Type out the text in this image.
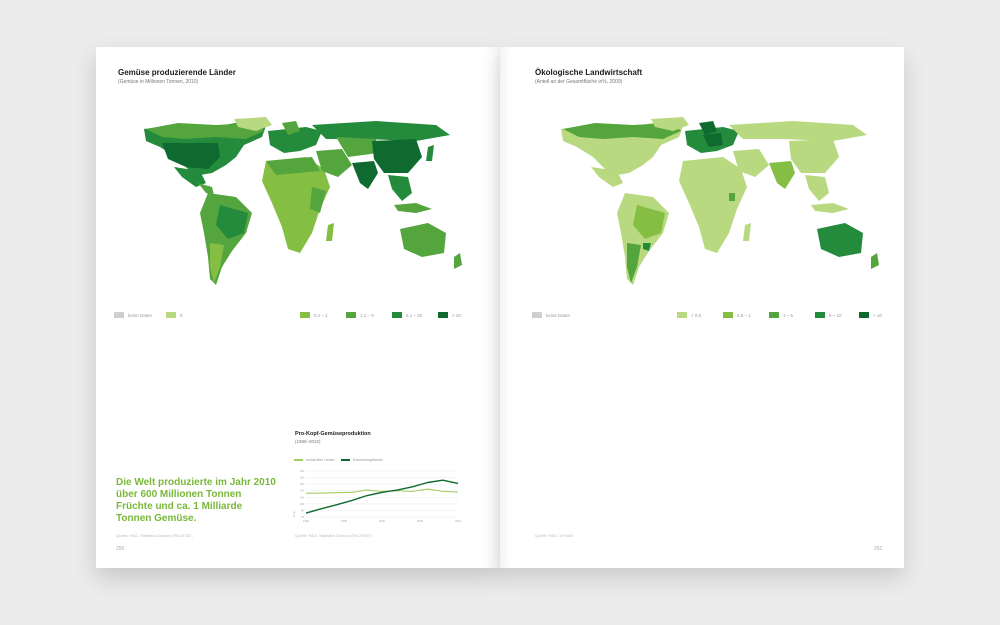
Gemüse produzierende Länder

(Gemüse in Millionen Tonnen, 2010)

keine Daten	0	0,1 – 1	1,1 – 5	5,1 – 20	> 20
Pro-Kopf-Gemüseproduktion

(1990–2010)

Industrielle Länder	Entwicklungsländer
200
180
160
140
120
100
80
60
1990	1995	2000	2005	2010
in kg

Die Welt produzierte im Jahr 2010 über 600 Millionen Tonnen Früchte und ca. 1 Milliarde Tonnen Gemüse.

Quelle: FAO, Statistics Division (FAOSTAT)	Quelle: FAO, Statistics Division (FAOSTAT)
250
Ökologische Landwirtschaft

(Anteil an der Gesamtfläche in%, 2009)

keine Daten	< 0,5	0,5 – 1	1 – 5	5 – 10	> 10
Quelle: FiBL / IFOAM
251
